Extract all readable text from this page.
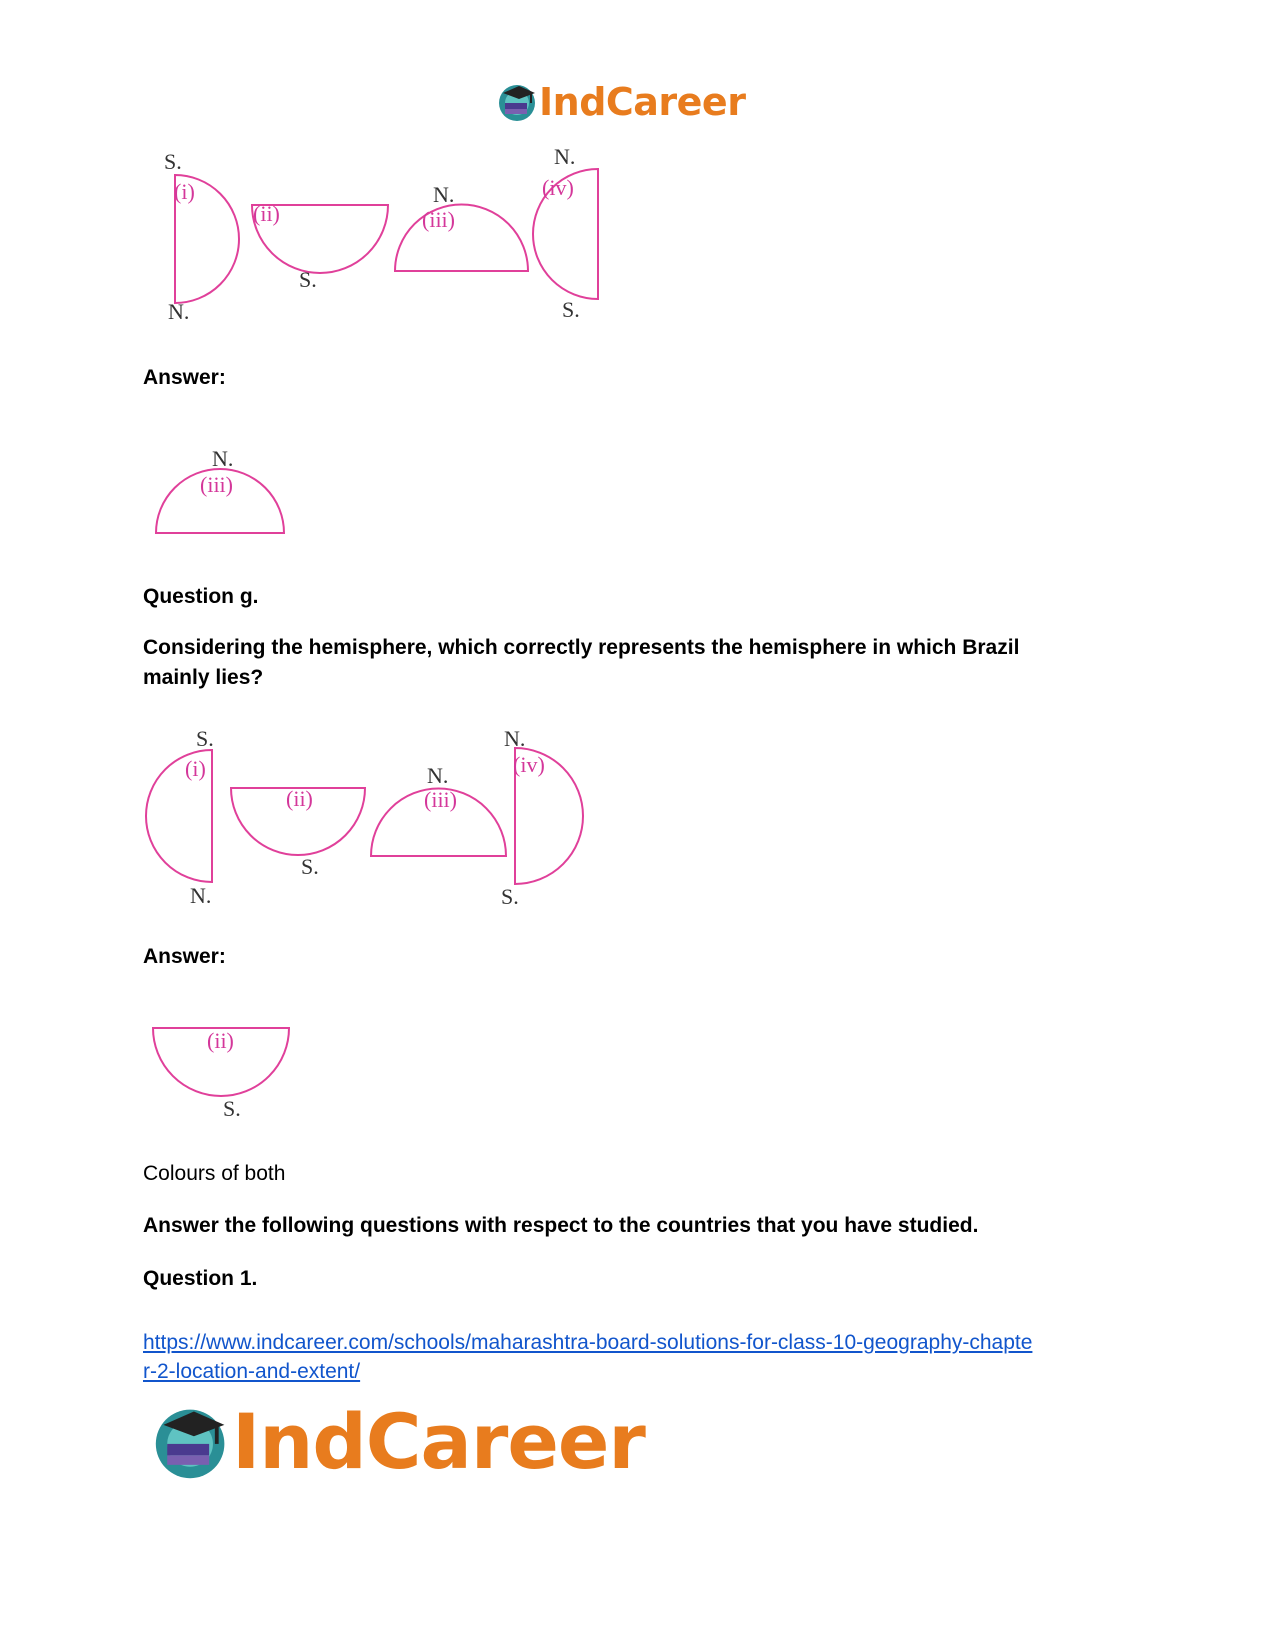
IndCareer
S.
(i)
N.
(ii)
S.
N.
(iii)
N.
(iv)
S.
Answer:
N.
(iii)
Question g.
Considering the hemisphere, which correctly represents the hemisphere in which Brazil mainly lies?
S.
(i)
N.
(ii)
S.
N.
(iii)
N.
(iv)
S.
Answer:
(ii)
S.
Colours of both
Answer the following questions with respect to the countries that you have studied.
Question 1.
https://www.indcareer.com/schools/maharashtra-board-solutions-for-class-10-geography-chapte
r-2-location-and-extent/
IndCareer
